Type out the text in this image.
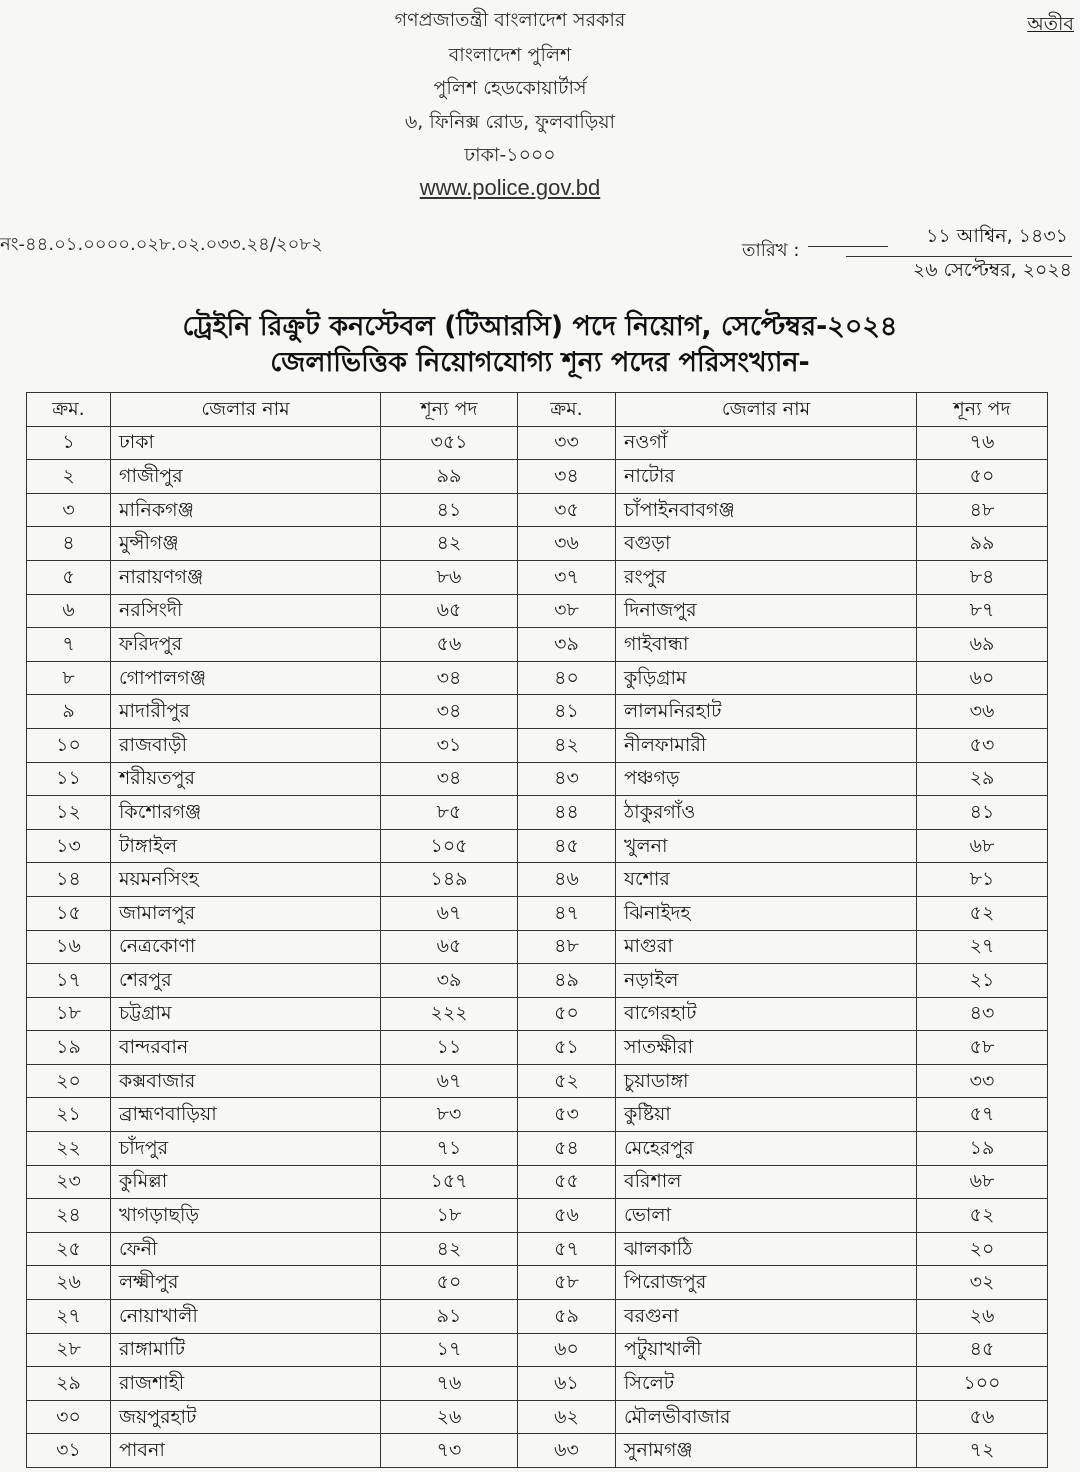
গণপ্রজাতন্ত্রী বাংলাদেশ সরকার
বাংলাদেশ পুলিশ
পুলিশ হেডকোয়ার্টার্স
৬, ফিনিক্স রোড, ফুলবাড়িয়া
ঢাকা-১০০০
www.police.gov.bd
অতীব
নং-৪৪.০১.০০০০.০২৮.০২.০৩৩.২৪/২০৮২	তারিখ :
১১ আশ্বিন, ১৪৩১
২৬ সেপ্টেম্বর, ২০২৪
ট্রেইনি রিক্রুট কনস্টেবল (টিআরসি) পদে নিয়োগ, সেপ্টেম্বর-২০২৪
জেলাভিত্তিক নিয়োগযোগ্য শূন্য পদের পরিসংখ্যান-
ক্রম.	জেলার নাম	শূন্য পদ	ক্রম.	জেলার নাম	শূন্য পদ
১	ঢাকা	৩৫১	৩৩	নওগাঁ	৭৬
২	গাজীপুর	৯৯	৩৪	নাটোর	৫০
৩	মানিকগঞ্জ	৪১	৩৫	চাঁপাইনবাবগঞ্জ	৪৮
৪	মুন্সীগঞ্জ	৪২	৩৬	বগুড়া	৯৯
৫	নারায়ণগঞ্জ	৮৬	৩৭	রংপুর	৮৪
৬	নরসিংদী	৬৫	৩৮	দিনাজপুর	৮৭
৭	ফরিদপুর	৫৬	৩৯	গাইবান্ধা	৬৯
৮	গোপালগঞ্জ	৩৪	৪০	কুড়িগ্রাম	৬০
৯	মাদারীপুর	৩৪	৪১	লালমনিরহাট	৩৬
১০	রাজবাড়ী	৩১	৪২	নীলফামারী	৫৩
১১	শরীয়তপুর	৩৪	৪৩	পঞ্চগড়	২৯
১২	কিশোরগঞ্জ	৮৫	৪৪	ঠাকুরগাঁও	৪১
১৩	টাঙ্গাইল	১০৫	৪৫	খুলনা	৬৮
১৪	ময়মনসিংহ	১৪৯	৪৬	যশোর	৮১
১৫	জামালপুর	৬৭	৪৭	ঝিনাইদহ	৫২
১৬	নেত্রকোণা	৬৫	৪৮	মাগুরা	২৭
১৭	শেরপুর	৩৯	৪৯	নড়াইল	২১
১৮	চট্টগ্রাম	২২২	৫০	বাগেরহাট	৪৩
১৯	বান্দরবান	১১	৫১	সাতক্ষীরা	৫৮
২০	কক্সবাজার	৬৭	৫২	চুয়াডাঙ্গা	৩৩
২১	ব্রাহ্মণবাড়িয়া	৮৩	৫৩	কুষ্টিয়া	৫৭
২২	চাঁদপুর	৭১	৫৪	মেহেরপুর	১৯
২৩	কুমিল্লা	১৫৭	৫৫	বরিশাল	৬৮
২৪	খাগড়াছড়ি	১৮	৫৬	ভোলা	৫২
২৫	ফেনী	৪২	৫৭	ঝালকাঠি	২০
২৬	লক্ষ্মীপুর	৫০	৫৮	পিরোজপুর	৩২
২৭	নোয়াখালী	৯১	৫৯	বরগুনা	২৬
২৮	রাঙ্গামাটি	১৭	৬০	পটুয়াখালী	৪৫
২৯	রাজশাহী	৭৬	৬১	সিলেট	১০০
৩০	জয়পুরহাট	২৬	৬২	মৌলভীবাজার	৫৬
৩১	পাবনা	৭৩	৬৩	সুনামগঞ্জ	৭২
